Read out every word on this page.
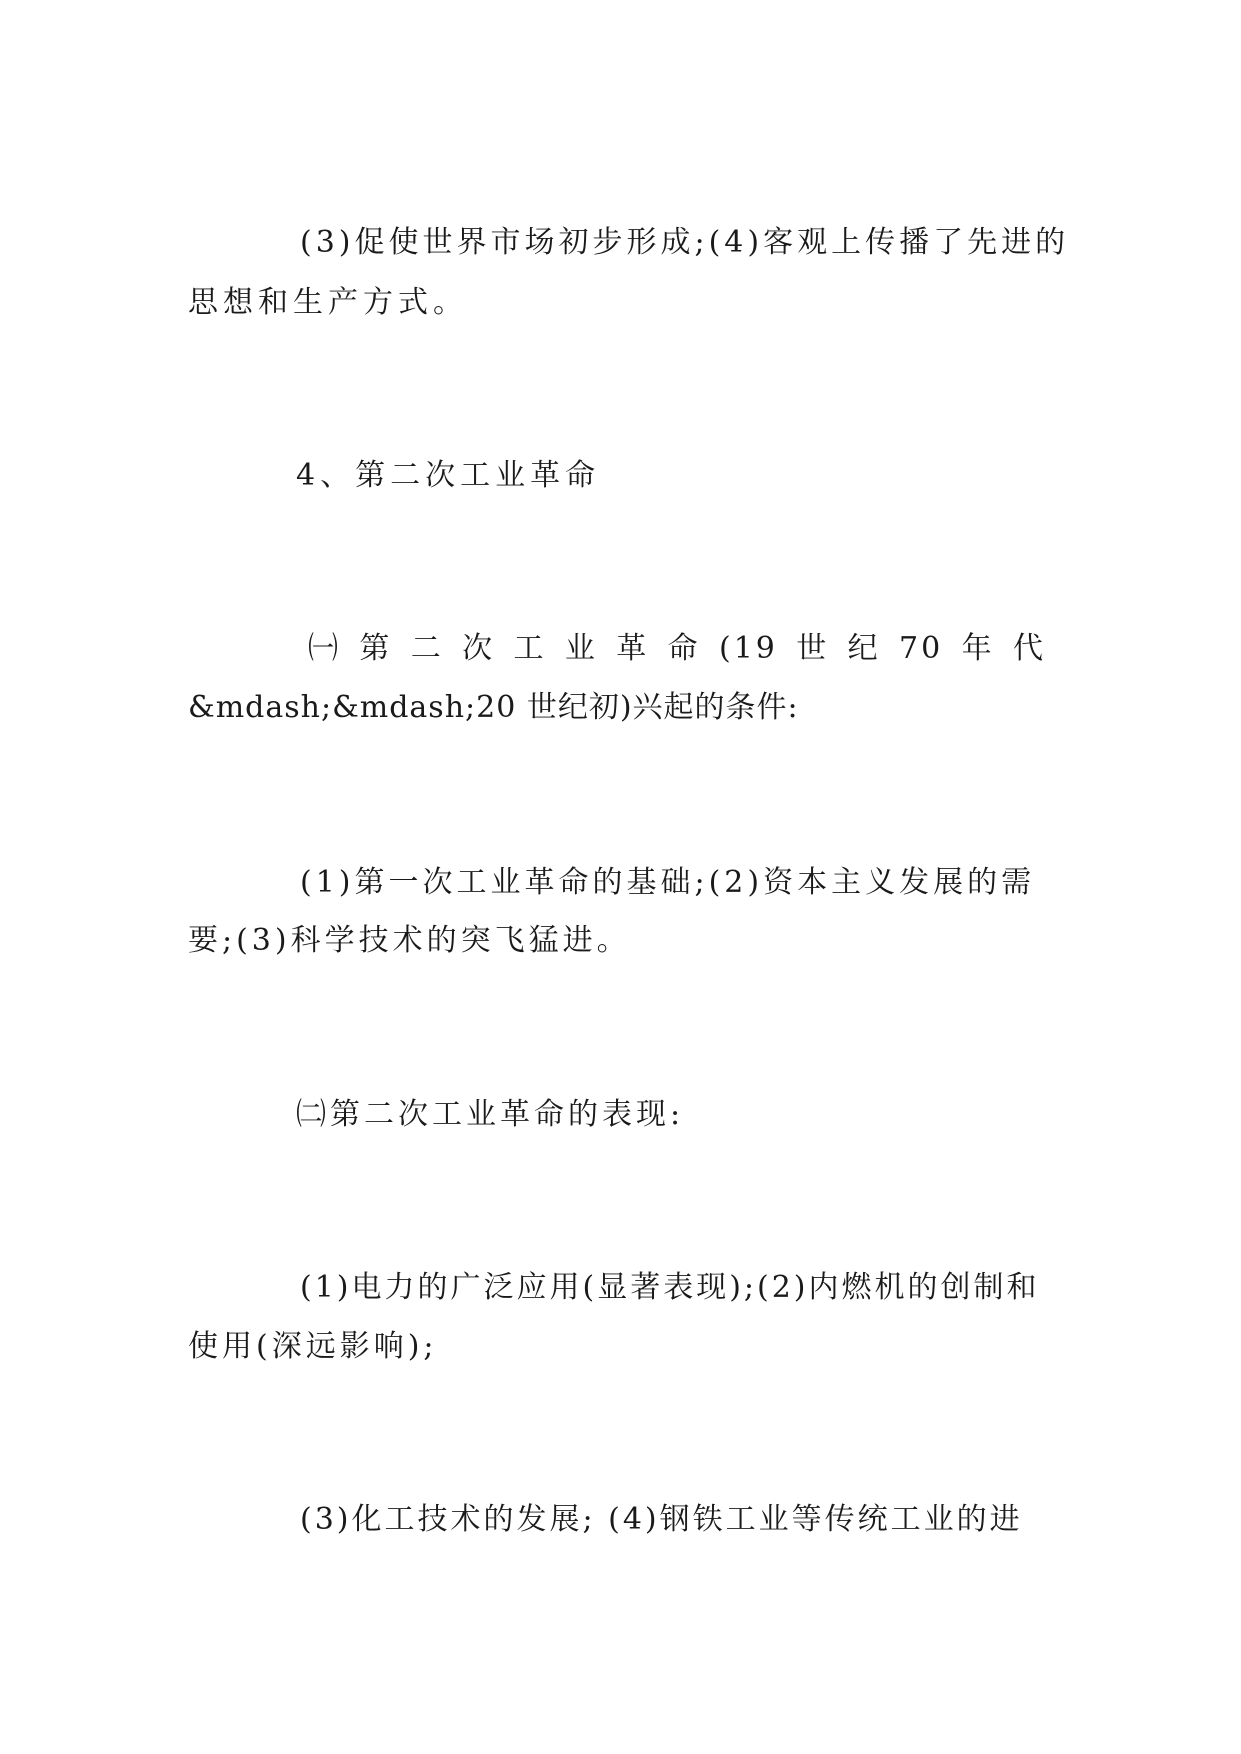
(3)促使世界市场初步形成;(4)客观上传播了先进的
思想和生产方式。
4、第二次工业革命
㈠ 第 二 次 工 业 革 命 (19 世 纪 70 年 代
&mdash;&mdash;20 世纪初)兴起的条件:
(1)第一次工业革命的基础;(2)资本主义发展的需
要;(3)科学技术的突飞猛进。
㈡第二次工业革命的表现:
(1)电力的广泛应用(显著表现);(2)内燃机的创制和
使用(深远影响);
(3)化工技术的发展; (4)钢铁工业等传统工业的进
